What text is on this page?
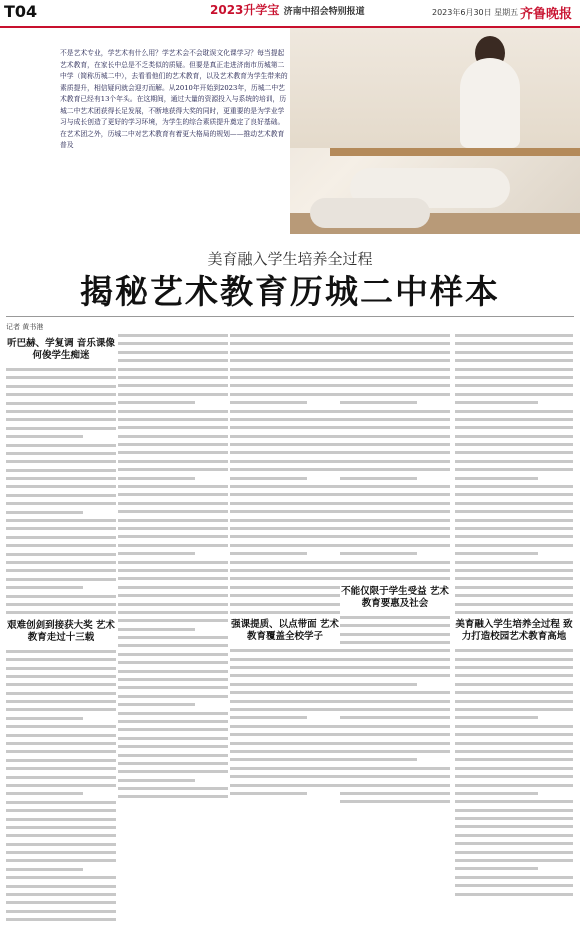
T04	2023升学宝 济南中招会特别报道	2023年6月30日 星期五 齐鲁晚报
不是艺术专业，学艺术有什么用？学艺术会不会耽误文化课学习？每当提起艺术教育，在家长中总是不乏类似的质疑。但要是真正走进济南市历城第二中学（简称历城二中），去看看他们的艺术教育，以及艺术教育为学生带来的素质提升，相信疑问就会迎刃而解。从2010年开始到2023年，历城二中艺术教育已经有13个年头。在这期间，通过大量的资源投入与系统的培训，历城二中艺术团获得长足发展，不断地获得大奖的同时，更重要的是为学业学习与成长创造了更好的学习环境，为学生的综合素质提升奠定了良好基础。在艺术团之外，历城二中对艺术教育有着更大格局的规划——推动艺术教育普及
美育融入学生培养全过程
揭秘艺术教育历城二中样本
记者 黄书港
听巴赫、学复调 音乐课像何俊学生痴迷
艰难创剑到接获大奖 艺术教育走过十三载
强课提质、以点带面 艺术教育覆盖全校学子
不能仅限于学生受益 艺术教育要惠及社会
美育融入学生培养全过程 致力打造校园艺术教育高地
